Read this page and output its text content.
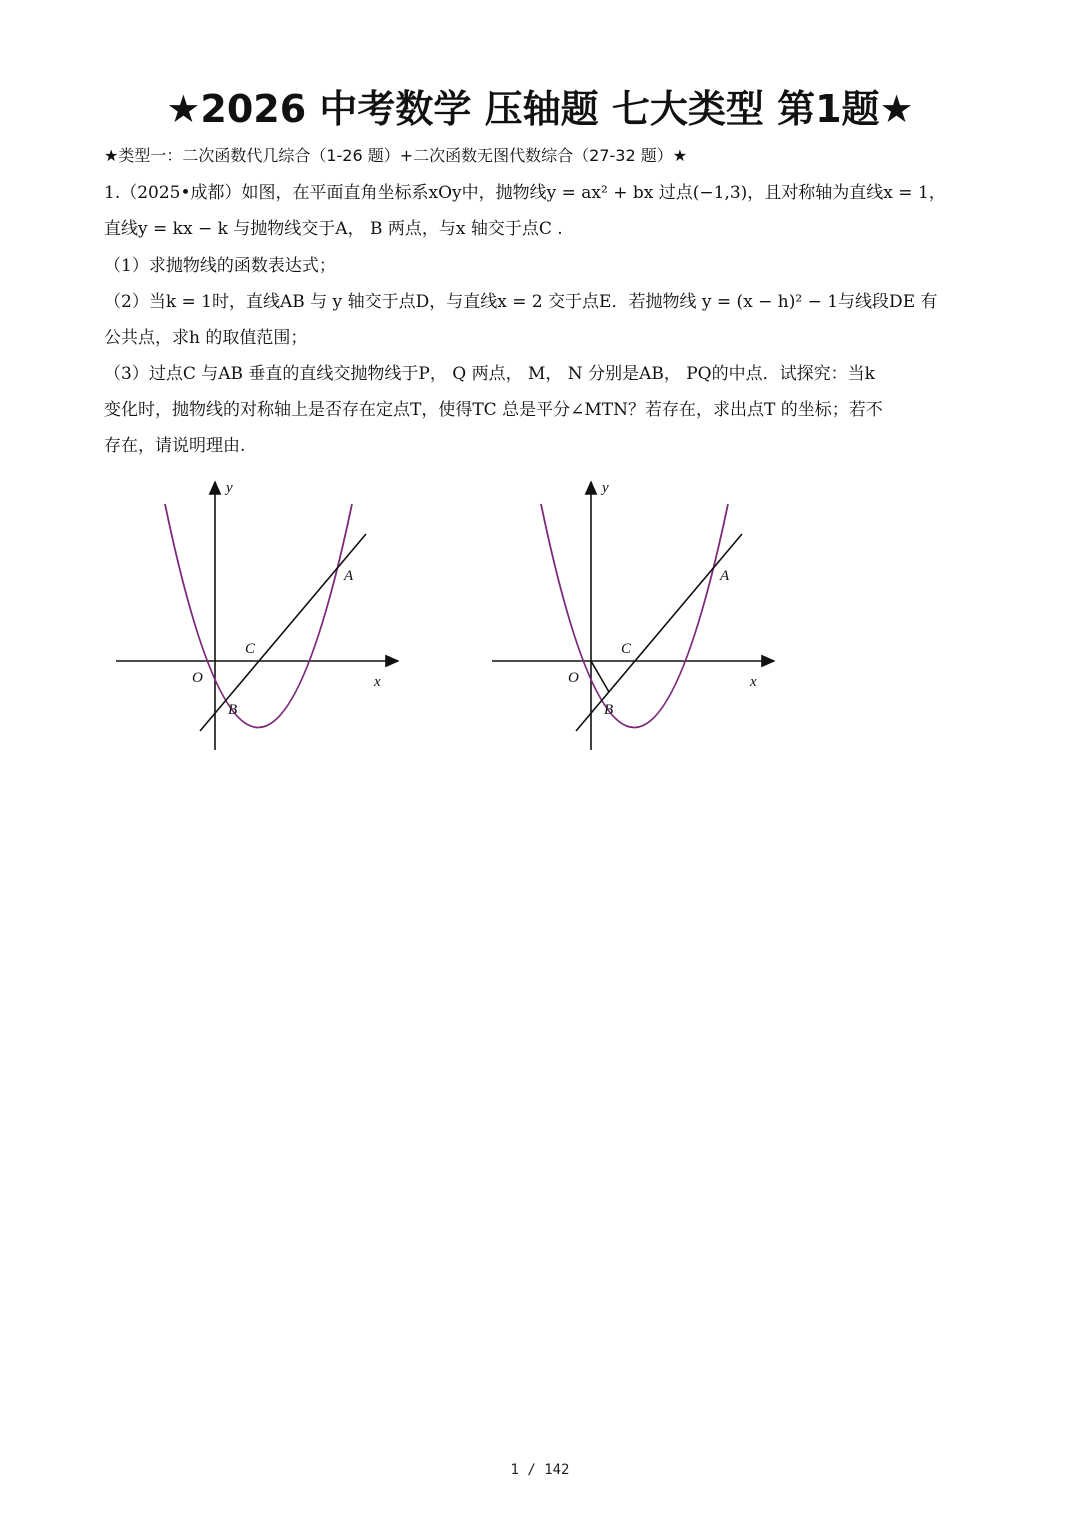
★2026 中考数学 压轴题 七大类型 第1题★
★类型一：二次函数代几综合（1-26 题）+二次函数无图代数综合（27-32 题）★
1.（2025•成都）如图，在平面直角坐标系xOy中，抛物线y = ax² + bx 过点(−1,3)，且对称轴为直线x = 1，
直线y = kx − k 与抛物线交于A， B 两点，与x 轴交于点C .
（1）求抛物线的函数表达式；
（2）当k = 1时，直线AB 与 y 轴交于点D，与直线x = 2 交于点E．若抛物线 y = (x − h)² − 1与线段DE 有
公共点，求h 的取值范围；
（3）过点C 与AB 垂直的直线交抛物线于P， Q 两点， M， N 分别是AB， PQ的中点．试探究：当k
变化时，抛物线的对称轴上是否存在定点T，使得TC 总是平分∠MTN？若存在，求出点T 的坐标；若不
存在，请说明理由.
y
x
O
A
B
C
y
x
O
A
B
C
1 / 142
